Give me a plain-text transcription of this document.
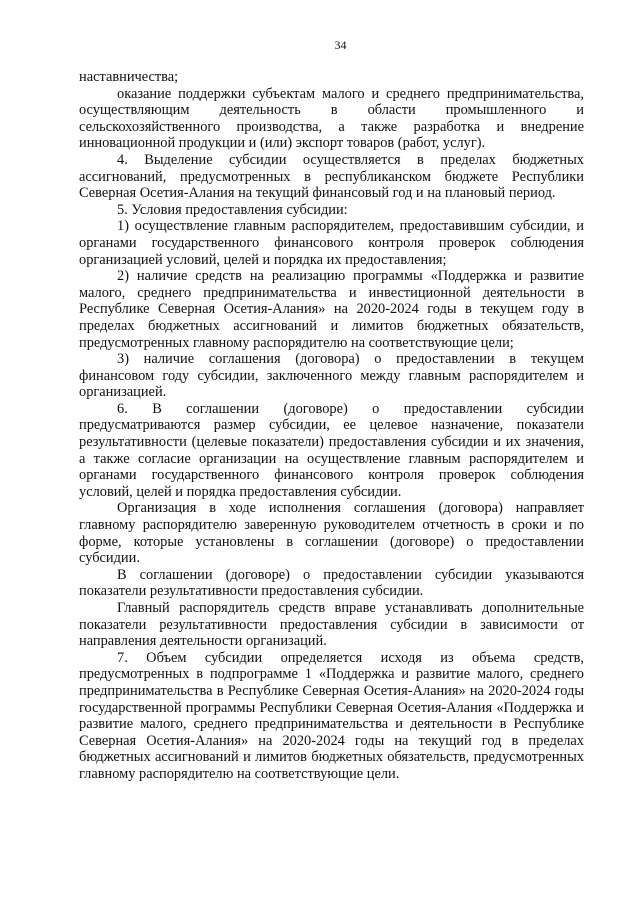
34

наставничества;

оказание поддержки субъектам малого и среднего предпринимательства, осуществляющим деятельность в области промышленного и сельскохозяйственного производства, а также разработка и внедрение инновационной продукции и (или) экспорт товаров (работ, услуг).

4. Выделение субсидии осуществляется в пределах бюджетных ассигнований, предусмотренных в республиканском бюджете Республики Северная Осетия-Алания на текущий финансовый год и на плановый период.

5. Условия предоставления субсидии:

1) осуществление главным распорядителем, предоставившим субсидии, и органами государственного финансового контроля проверок соблюдения организацией условий, целей и порядка их предоставления;

2) наличие средств на реализацию программы «Поддержка и развитие малого, среднего предпринимательства и инвестиционной деятельности в Республике Северная Осетия-Алания» на 2020-2024 годы в текущем году в пределах бюджетных ассигнований и лимитов бюджетных обязательств, предусмотренных главному распорядителю на соответствующие цели;

3) наличие соглашения (договора) о предоставлении в текущем финансовом году субсидии, заключенного между главным распорядителем и организацией.

6. В соглашении (договоре) о предоставлении субсидии предусматриваются размер субсидии, ее целевое назначение, показатели результативности (целевые показатели) предоставления субсидии и их значения, а также согласие организации на осуществление главным распорядителем и органами государственного финансового контроля проверок соблюдения условий, целей и порядка предоставления субсидии.

Организация в ходе исполнения соглашения (договора) направляет главному распорядителю заверенную руководителем отчетность в сроки и по форме, которые установлены в соглашении (договоре) о предоставлении субсидии.

В соглашении (договоре) о предоставлении субсидии указываются показатели результативности предоставления субсидии.

Главный распорядитель средств вправе устанавливать дополнительные показатели результативности предоставления субсидии в зависимости от направления деятельности организаций.

7. Объем субсидии определяется исходя из объема средств, предусмотренных в подпрограмме 1 «Поддержка и развитие малого, среднего предпринимательства в Республике Северная Осетия-Алания» на 2020-2024 годы государственной программы Республики Северная Осетия-Алания «Поддержка и развитие малого, среднего предпринимательства и деятельности в Республике Северная Осетия-Алания» на 2020-2024 годы на текущий год в пределах бюджетных ассигнований и лимитов бюджетных обязательств, предусмотренных главному распорядителю на соответствующие цели.
